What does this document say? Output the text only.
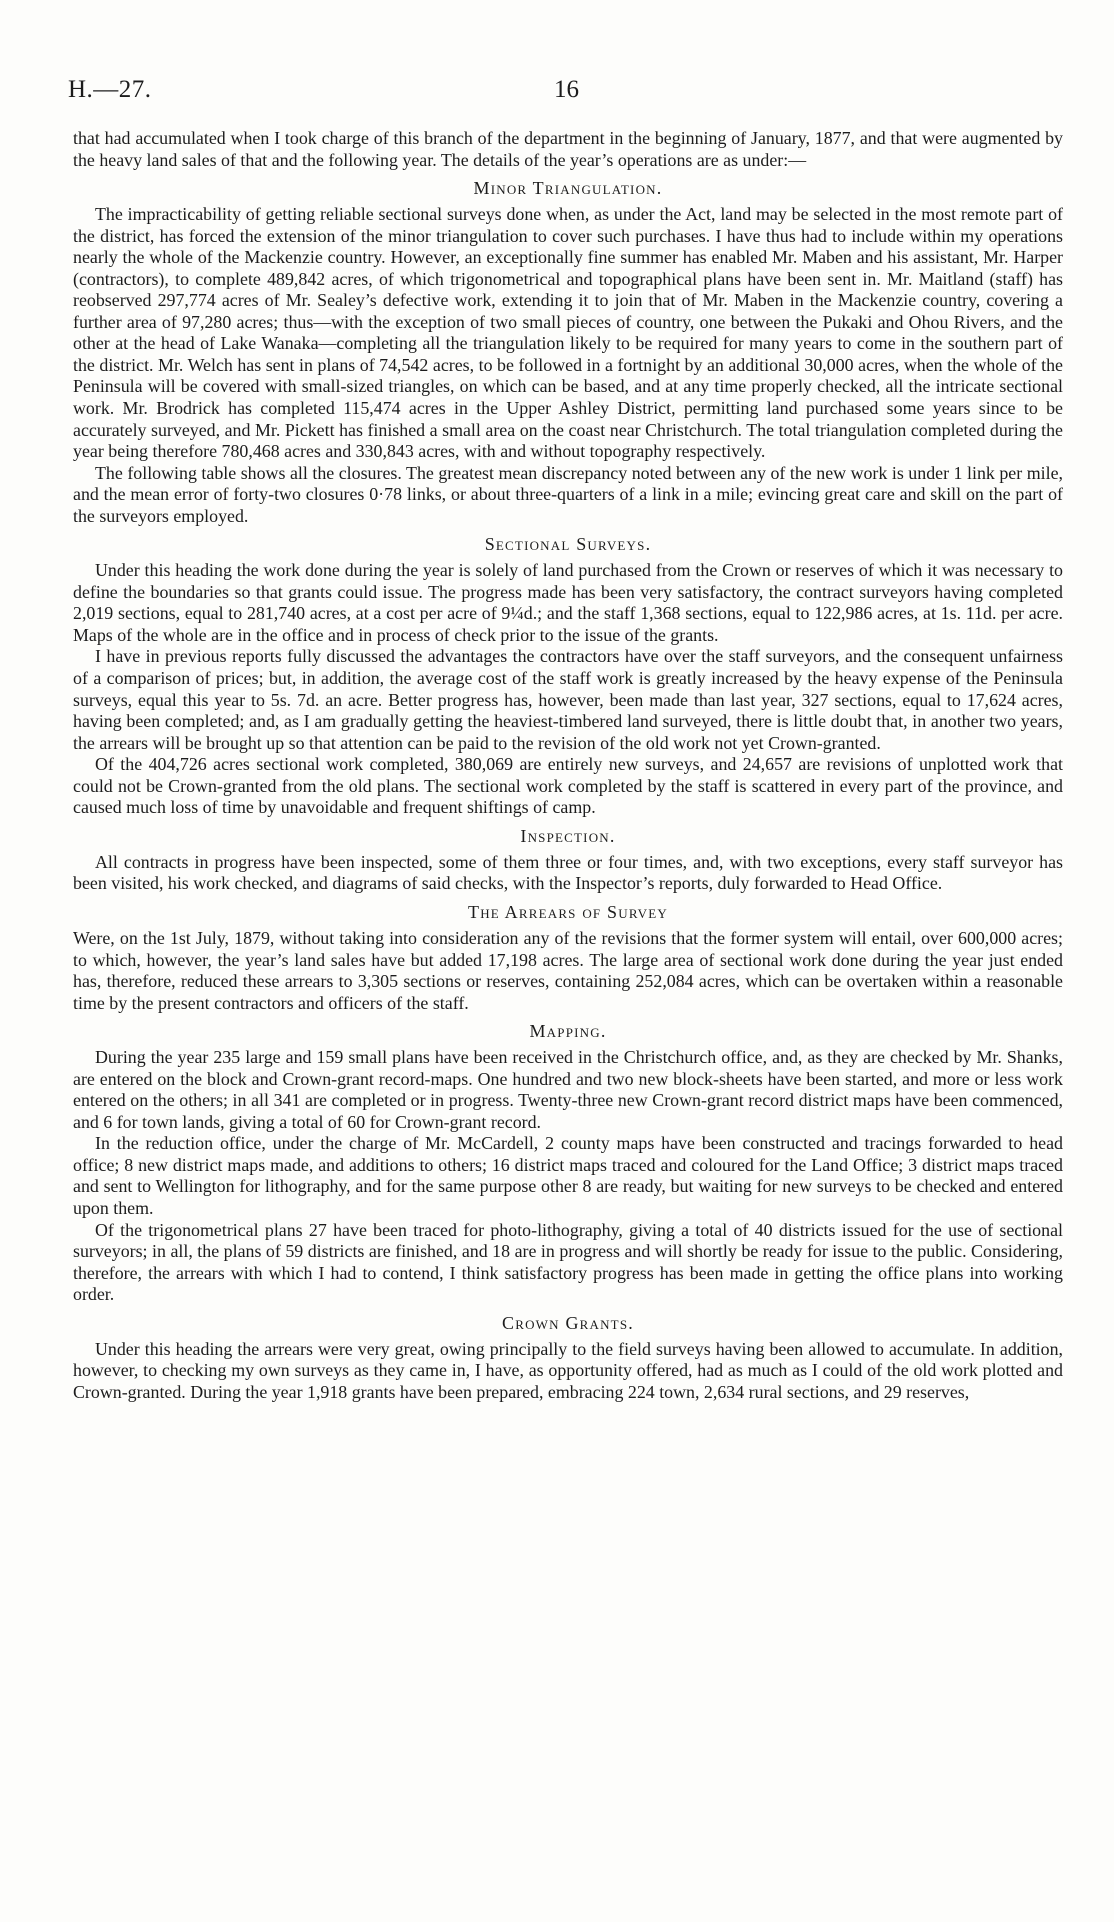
H.—27.	16

that had accumulated when I took charge of this branch of the department in the beginning of January, 1877, and that were augmented by the heavy land sales of that and the following year. The details of the year’s operations are as under:—

Minor Triangulation.

The impracticability of getting reliable sectional surveys done when, as under the Act, land may be selected in the most remote part of the district, has forced the extension of the minor triangulation to cover such purchases. I have thus had to include within my operations nearly the whole of the Mackenzie country. However, an exceptionally fine summer has enabled Mr. Maben and his assistant, Mr. Harper (contractors), to complete 489,842 acres, of which trigonometrical and topographical plans have been sent in. Mr. Maitland (staff) has reobserved 297,774 acres of Mr. Sealey’s defective work, extending it to join that of Mr. Maben in the Mackenzie country, covering a further area of 97,280 acres; thus—with the exception of two small pieces of country, one between the Pukaki and Ohou Rivers, and the other at the head of Lake Wanaka—completing all the triangulation likely to be required for many years to come in the southern part of the district. Mr. Welch has sent in plans of 74,542 acres, to be followed in a fortnight by an additional 30,000 acres, when the whole of the Peninsula will be covered with small-sized triangles, on which can be based, and at any time properly checked, all the intricate sectional work. Mr. Brodrick has completed 115,474 acres in the Upper Ashley District, permitting land purchased some years since to be accurately surveyed, and Mr. Pickett has finished a small area on the coast near Christchurch. The total triangulation completed during the year being therefore 780,468 acres and 330,843 acres, with and without topography respectively.

The following table shows all the closures. The greatest mean discrepancy noted between any of the new work is under 1 link per mile, and the mean error of forty-two closures 0·78 links, or about three-quarters of a link in a mile; evincing great care and skill on the part of the surveyors employed.

Sectional Surveys.

Under this heading the work done during the year is solely of land purchased from the Crown or reserves of which it was necessary to define the boundaries so that grants could issue. The progress made has been very satisfactory, the contract surveyors having completed 2,019 sections, equal to 281,740 acres, at a cost per acre of 9¼d.; and the staff 1,368 sections, equal to 122,986 acres, at 1s. 11d. per acre. Maps of the whole are in the office and in process of check prior to the issue of the grants.

I have in previous reports fully discussed the advantages the contractors have over the staff surveyors, and the consequent unfairness of a comparison of prices; but, in addition, the average cost of the staff work is greatly increased by the heavy expense of the Peninsula surveys, equal this year to 5s. 7d. an acre. Better progress has, however, been made than last year, 327 sections, equal to 17,624 acres, having been completed; and, as I am gradually getting the heaviest-timbered land surveyed, there is little doubt that, in another two years, the arrears will be brought up so that attention can be paid to the revision of the old work not yet Crown-granted.

Of the 404,726 acres sectional work completed, 380,069 are entirely new surveys, and 24,657 are revisions of unplotted work that could not be Crown-granted from the old plans. The sectional work completed by the staff is scattered in every part of the province, and caused much loss of time by unavoidable and frequent shiftings of camp.

Inspection.

All contracts in progress have been inspected, some of them three or four times, and, with two exceptions, every staff surveyor has been visited, his work checked, and diagrams of said checks, with the Inspector’s reports, duly forwarded to Head Office.

The Arrears of Survey

Were, on the 1st July, 1879, without taking into consideration any of the revisions that the former system will entail, over 600,000 acres; to which, however, the year’s land sales have but added 17,198 acres. The large area of sectional work done during the year just ended has, therefore, reduced these arrears to 3,305 sections or reserves, containing 252,084 acres, which can be overtaken within a reasonable time by the present contractors and officers of the staff.

Mapping.

During the year 235 large and 159 small plans have been received in the Christchurch office, and, as they are checked by Mr. Shanks, are entered on the block and Crown-grant record-maps. One hundred and two new block-sheets have been started, and more or less work entered on the others; in all 341 are completed or in progress. Twenty-three new Crown-grant record district maps have been commenced, and 6 for town lands, giving a total of 60 for Crown-grant record.

In the reduction office, under the charge of Mr. McCardell, 2 county maps have been constructed and tracings forwarded to head office; 8 new district maps made, and additions to others; 16 district maps traced and coloured for the Land Office; 3 district maps traced and sent to Wellington for lithography, and for the same purpose other 8 are ready, but waiting for new surveys to be checked and entered upon them.

Of the trigonometrical plans 27 have been traced for photo-lithography, giving a total of 40 districts issued for the use of sectional surveyors; in all, the plans of 59 districts are finished, and 18 are in progress and will shortly be ready for issue to the public. Considering, therefore, the arrears with which I had to contend, I think satisfactory progress has been made in getting the office plans into working order.

Crown Grants.

Under this heading the arrears were very great, owing principally to the field surveys having been allowed to accumulate. In addition, however, to checking my own surveys as they came in, I have, as opportunity offered, had as much as I could of the old work plotted and Crown-granted. During the year 1,918 grants have been prepared, embracing 224 town, 2,634 rural sections, and 29 reserves,
